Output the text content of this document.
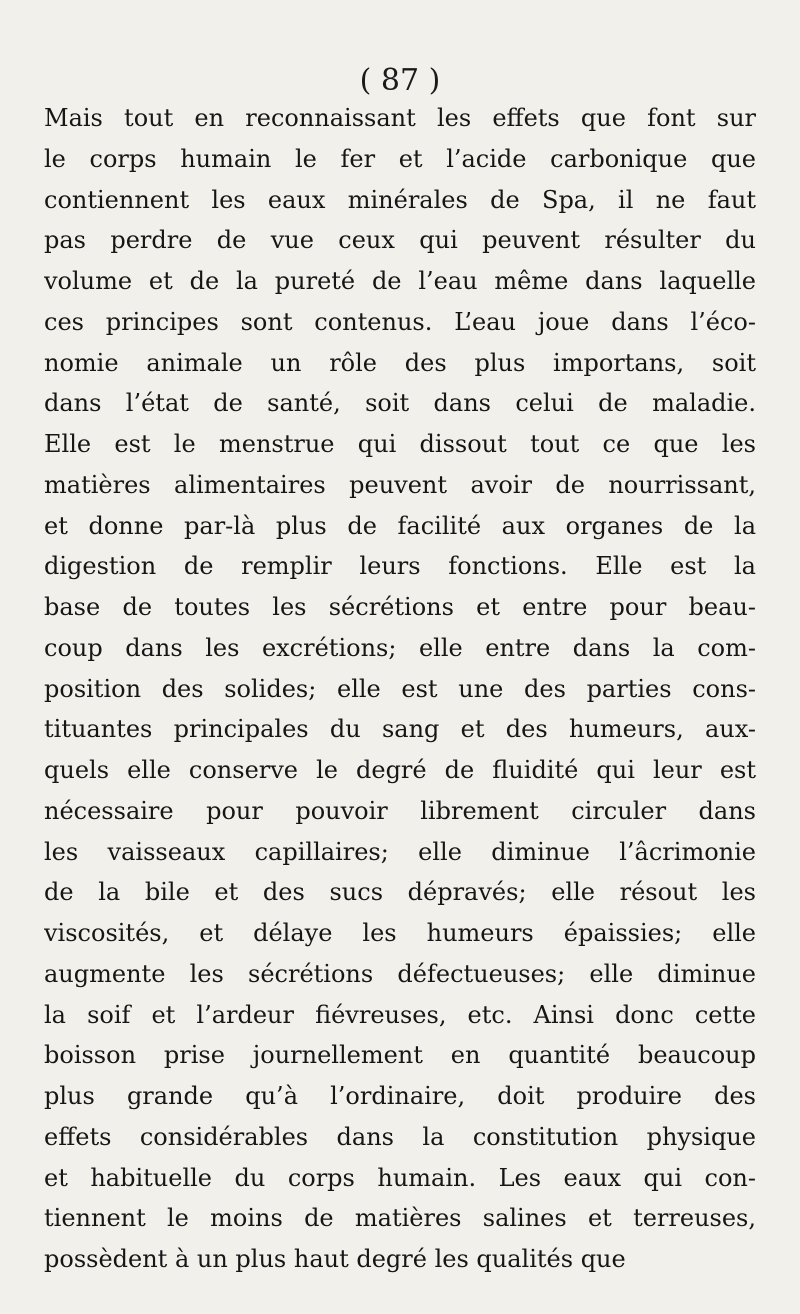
( 87 )
Mais tout en reconnaissant les effets que font sur
le corps humain le fer et l’acide carbonique que
contiennent les eaux minérales de Spa, il ne faut
pas perdre de vue ceux qui peuvent résulter du
volume et de la pureté de l’eau même dans laquelle
ces principes sont contenus. L’eau joue dans l’éco-
nomie animale un rôle des plus importans, soit
dans l’état de santé, soit dans celui de maladie.
Elle est le menstrue qui dissout tout ce que les
matières alimentaires peuvent avoir de nourrissant,
et donne par-là plus de facilité aux organes de la
digestion de remplir leurs fonctions. Elle est la
base de toutes les sécrétions et entre pour beau-
coup dans les excrétions; elle entre dans la com-
position des solides; elle est une des parties cons-
tituantes principales du sang et des humeurs, aux-
quels elle conserve le degré de fluidité qui leur est
nécessaire pour pouvoir librement circuler dans
les vaisseaux capillaires; elle diminue l’âcrimonie
de la bile et des sucs dépravés; elle résout les
viscosités, et délaye les humeurs épaissies; elle
augmente les sécrétions défectueuses; elle diminue
la soif et l’ardeur fiévreuses, etc. Ainsi donc cette
boisson prise journellement en quantité beaucoup
plus grande qu’à l’ordinaire, doit produire des
effets considérables dans la constitution physique
et habituelle du corps humain. Les eaux qui con-
tiennent le moins de matières salines et terreuses,
possèdent à un plus haut degré les qualités que
